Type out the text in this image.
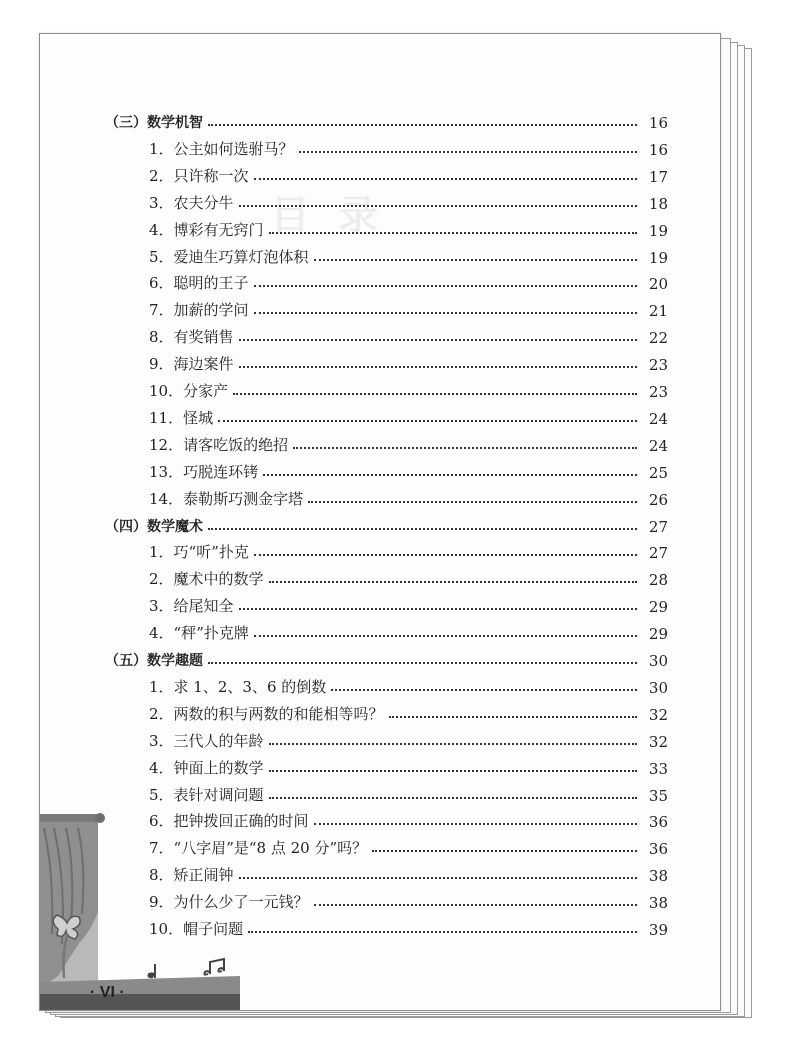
目录
· VI ·
（三）数学机智	16
1．公主如何选驸马？	16
2．只许称一次	17
3．农夫分牛	18
4．博彩有无窍门	19
5．爱迪生巧算灯泡体积	19
6．聪明的王子	20
7．加薪的学问	21
8．有奖销售	22
9．海边案件	23
10．分家产	23
11．怪城	24
12．请客吃饭的绝招	24
13．巧脱连环铐	25
14．泰勒斯巧测金字塔	26
（四）数学魔术	27
1．巧“听”扑克	27
2．魔术中的数学	28
3．给尾知全	29
4．“秤”扑克牌	29
（五）数学趣题	30
1．求 1、2、3、6 的倒数	30
2．两数的积与两数的和能相等吗？	32
3．三代人的年龄	32
4．钟面上的数学	33
5．表针对调问题	35
6．把钟拨回正确的时间	36
7．“八字眉”是“8 点 20 分”吗？	36
8．矫正闹钟	38
9．为什么少了一元钱？	38
10．帽子问题	39
